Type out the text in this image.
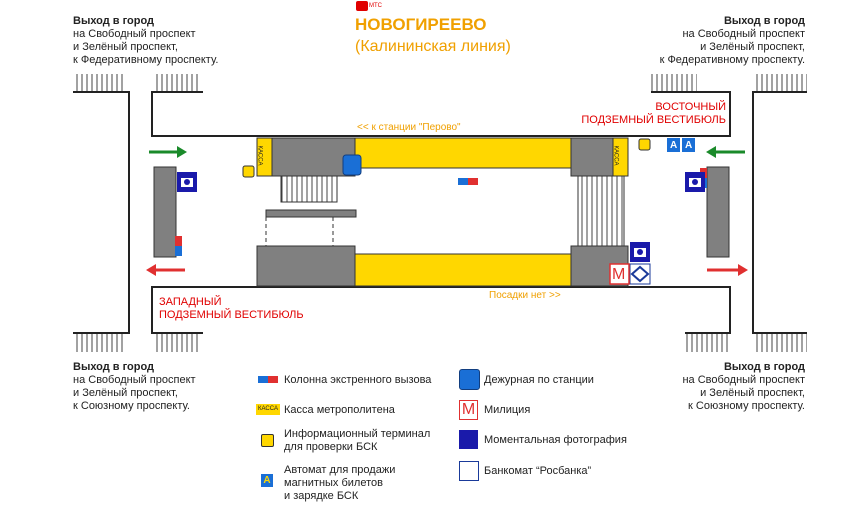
МТС
НОВОГИРЕЕВО
(Калининская линия)
Выход в город
на Свободный проспект
и Зелёный проспект,
к Федеративному проспекту.
Выход в город
на Свободный проспект
и Зелёный проспект,
к Федеративному проспекту.
Выход в город
на Свободный проспект
и Зелёный проспект,
к Союзному проспекту.
Выход в город
на Свободный проспект
и Зелёный проспект,
к Союзному проспекту.
<< к станции "Перово"
Посадки нет >>
ВОСТОЧНЫЙ
ПОДЗЕМНЫЙ ВЕСТИБЮЛЬ
ЗАПАДНЫЙ
ПОДЗЕМНЫЙ ВЕСТИБЮЛЬ
КАССА	КАССА
М
A A
Колонна экстренного вызова
КАССА Касса метрополитена
Информационный терминал
для проверки БСК
A
Автомат для продажи
магнитных билетов
и зарядке БСК
Дежурная по станции
M Милиция
Моментальная фотография
Банкомат “Росбанка”
